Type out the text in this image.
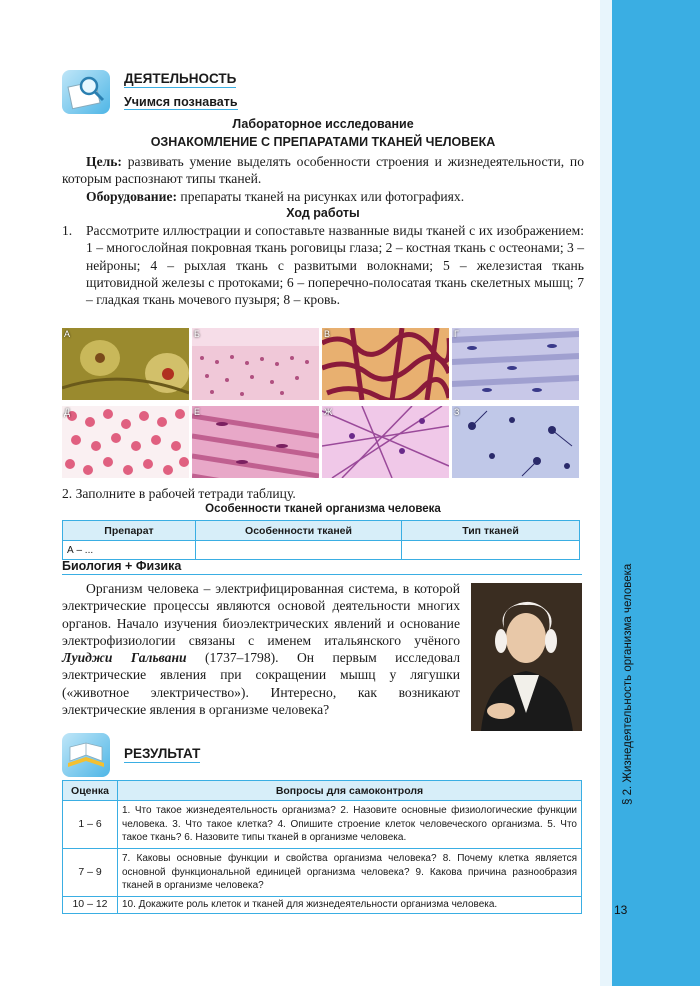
§ 2. Жизнедеятельность организма человека
13
ДЕЯТЕЛЬНОСТЬ
Учимся познавать
Лабораторное исследование
ОЗНАКОМЛЕНИЕ С ПРЕПАРАТАМИ ТКАНЕЙ ЧЕЛОВЕКА
Цель: развивать умение выделять особенности строения и жизнедеятельности, по которым распознают типы тканей.
Оборудование: препараты тканей на рисунках или фотографиях.
Ход работы
1. Рассмотрите иллюстрации и сопоставьте названные виды тканей с их изображением: 1 – многослойная покровная ткань роговицы глаза; 2 – костная ткань с остеонами; 3 – нейроны; 4 – рыхлая ткань с развитыми волокнами; 5 – железистая ткань щитовидной железы с протоками; 6 – поперечно-полосатая ткань скелетных мышц; 7 – гладкая ткань мочевого пузыря; 8 – кровь.
А	Б	В	Г
Д	Е	Ж	З
2. Заполните в рабочей тетради таблицу.
Особенности тканей организма человека
Препарат	Особенности тканей	Тип тканей
А – ...		
Биология + Физика
Организм человека – электрифицированная система, в которой электрические процессы являются основой деятельности многих органов. Начало изучения биоэлектрических явлений и основание электрофизиологии связаны с именем итальянского учёного Луиджи Гальвани (1737–1798). Он первым исследовал электрические явления при сокращении мышц у лягушки («животное электричество»). Интересно, как возникают электрические явления в организме человека?
РЕЗУЛЬТАТ
Оценка	Вопросы для самоконтроля
1 – 6	1. Что такое жизнедеятельность организма? 2. Назовите основные физиологические функции человека. 3. Что такое клетка? 4. Опишите строение клеток человеческого организма. 5. Что такое ткань? 6. Назовите типы тканей в организме человека.
7 – 9	7. Каковы основные функции и свойства организма человека? 8. Почему клетка является основной функциональной единицей организма человека? 9. Какова причина разнообразия тканей в организме человека?
10 – 12	10. Докажите роль клеток и тканей для жизнедеятельности организма человека.
